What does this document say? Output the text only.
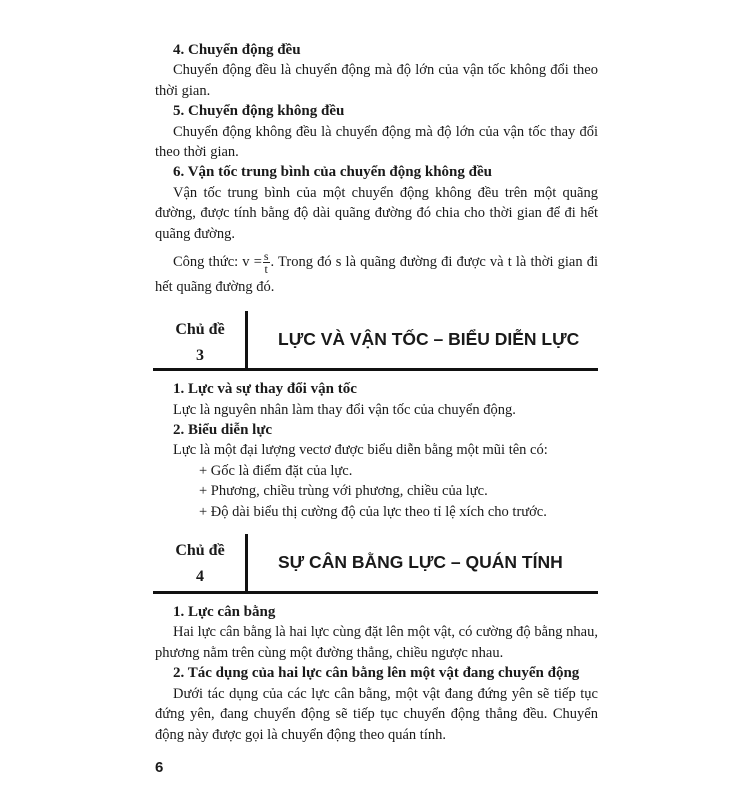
4. Chuyển động đều
Chuyển động đều là chuyển động mà độ lớn của vận tốc không đổi theo thời gian.
5. Chuyển động không đều
Chuyển động không đều là chuyển động mà độ lớn của vận tốc thay đổi theo thời gian.
6. Vận tốc trung bình của chuyển động không đều
Vận tốc trung bình của một chuyển động không đều trên một quãng đường, được tính bằng độ dài quãng đường đó chia cho thời gian để đi hết quãng đường.
Công thức: $v = \frac{s}{t}$ . Trong đó s là quãng đường đi được và t là thời gian đi hết quãng đường đó.
Chủ đề
3
LỰC VÀ VẬN TỐC – BIỂU DIỄN LỰC
1. Lực và sự thay đổi vận tốc
Lực là nguyên nhân làm thay đổi vận tốc của chuyển động.
2. Biểu diễn lực
Lực là một đại lượng vectơ được biểu diễn bằng một mũi tên có:
+ Gốc là điểm đặt của lực.
+ Phương, chiều trùng với phương, chiều của lực.
+ Độ dài biểu thị cường độ của lực theo tỉ lệ xích cho trước.
Chủ đề
4
SỰ CÂN BẰNG LỰC – QUÁN TÍNH
1. Lực cân bằng
Hai lực cân bằng là hai lực cùng đặt lên một vật, có cường độ bằng nhau, phương nằm trên cùng một đường thẳng, chiều ngược nhau.
2. Tác dụng của hai lực cân bằng lên một vật đang chuyển động
Dưới tác dụng của các lực cân bằng, một vật đang đứng yên sẽ tiếp tục đứng yên, đang chuyển động sẽ tiếp tục chuyển động thẳng đều. Chuyển động này được gọi là chuyển động theo quán tính.
6
